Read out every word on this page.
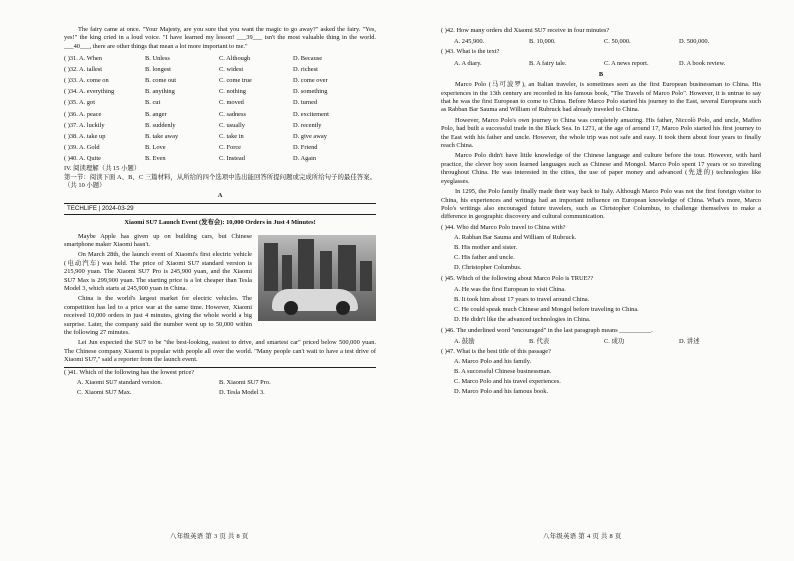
The fairy came at once. "Your Majesty, are you sure that you want the magic to go away?" asked the fairy. "Yes, yes!" the king cried in a loud voice. "I have learned my lesson! ___39___ isn't the most valuable thing in the world. ___40___, there are other things that mean a lot more important to me."

( )31. A. When	B. Unless	C. Although	D. Because
( )32. A. tallest	B. longest	C. widest	D. richest
( )33. A. come on	B. come out	C. come true	D. come over
( )34. A. everything	B. anything	C. nothing	D. something
( )35. A. got	B. cut	C. moved	D. turned
( )36. A. peace	B. anger	C. sadness	D. excitement
( )37. A. luckily	B. suddenly	C. usually	D. recently
( )38. A. take up	B. take away	C. take in	D. give away
( )39. A. Gold	B. Love	C. Force	D. Friend
( )40. A. Quite	B. Even	C. Instead	D. Again

IV. 阅读理解（共 15 小题）

第一节：阅读下面 A、B、C 三篇材料，从所给的四个选项中选出能回答所提问题或完成所给句子的最佳答案。（共 10 小题）

A
TECHLIFE | 2024-03-29
Xiaomi SU7 Launch Event (发布会): 10,000 Orders in Just 4 Minutes!

Maybe Apple has given up on building cars, but Chinese smartphone maker Xiaomi hasn't.

On March 28th, the launch event of Xiaomi's first electric vehicle (电动汽车) was held. The price of Xiaomi SU7 standard version is 215,900 yuan. The Xiaomi SU7 Pro is 245,900 yuan, and the Xiaomi SU7 Max is 299,900 yuan. The starting price is a lot cheaper than Tesla Model 3, which starts at 245,900 yuan in China.

China is the world's largest market for electric vehicles. The competition has led to a price war at the same time. However, Xiaomi received 10,000 orders in just 4 minutes, giving the whole world a big surprise. Later, the company said the number went up to 50,000 within the following 27 minutes.

Lei Jun expected the SU7 to be "the best-looking, easiest to drive, and smartest car" priced below 500,000 yuan. The Chinese company Xiaomi is popular with people all over the world. "Many people can't wait to have a test drive of Xiaomi SU7," said a reporter from the launch event.

( )41. Which of the following has the lowest price?

A. Xiaomi SU7 standard version.	B. Xiaomi SU7 Pro.
C. Xiaomi SU7 Max.	D. Tesla Model 3.
八年级英语 第 3 页 共 8 页

( )42. How many orders did Xiaomi SU7 receive in four minutes?

A. 245,900.	B. 10,000.	C. 50,000.	D. 500,000.

( )43. What is the text?

A. A diary.	B. A fairy tale.	C. A news report.	D. A book review.
B

Marco Polo (马可波罗), an Italian traveler, is sometimes seen as the first European businessman to China. His experiences in the 13th century are recorded in his famous book, "The Travels of Marco Polo". However, it is untrue to say that he was the first European to come to China. Before Marco Polo started his journey to the East, several Europeans such as Rabban Bar Sauma and William of Rubruck had already traveled to China.

However, Marco Polo's own journey to China was completely amazing. His father, Niccolò Polo, and uncle, Maffeo Polo, had built a successful trade in the Black Sea. In 1271, at the age of around 17, Marco Polo started his first journey to the East with his father and uncle. However, the whole trip was not safe and easy. It took them about four years to finally reach China.

Marco Polo didn't have little knowledge of the Chinese language and culture before the tour. However, with hard practice, the clever boy soon learned languages such as Chinese and Mongol. Marco Polo spent 17 years or so traveling throughout China. He was interested in the cities, the use of paper money and advanced (先进的) technologies like eyeglasses.

In 1295, the Polo family finally made their way back to Italy. Although Marco Polo was not the first foreign visitor to China, his experiences and writings had an important influence on European knowledge of China. What's more, Marco Polo's writings also encouraged future travelers, such as Christopher Columbus, to challenge themselves to make a difference in geographic discovery and cultural communication.

( )44. Who did Marco Polo travel to China with?

A. Rabban Bar Sauma and William of Rubruck.
B. His mother and sister.
C. His father and uncle.
D. Christopher Columbus.

( )45. Which of the following about Marco Polo is TRUE??

A. He was the first European to visit China.
B. It took him about 17 years to travel around China.
C. He could speak much Chinese and Mongol before traveling to China.
D. He didn't like the advanced technologies in China.

( )46. The underlined word "encouraged" in the last paragraph means __________.

A. 鼓励	B. 代表	C. 成功	D. 讲述

( )47. What is the best title of this passage?

A. Marco Polo and his family.
B. A successful Chinese businessman.
C. Marco Polo and his travel experiences.
D. Marco Polo and his famous book.
八年级英语 第 4 页 共 8 页
